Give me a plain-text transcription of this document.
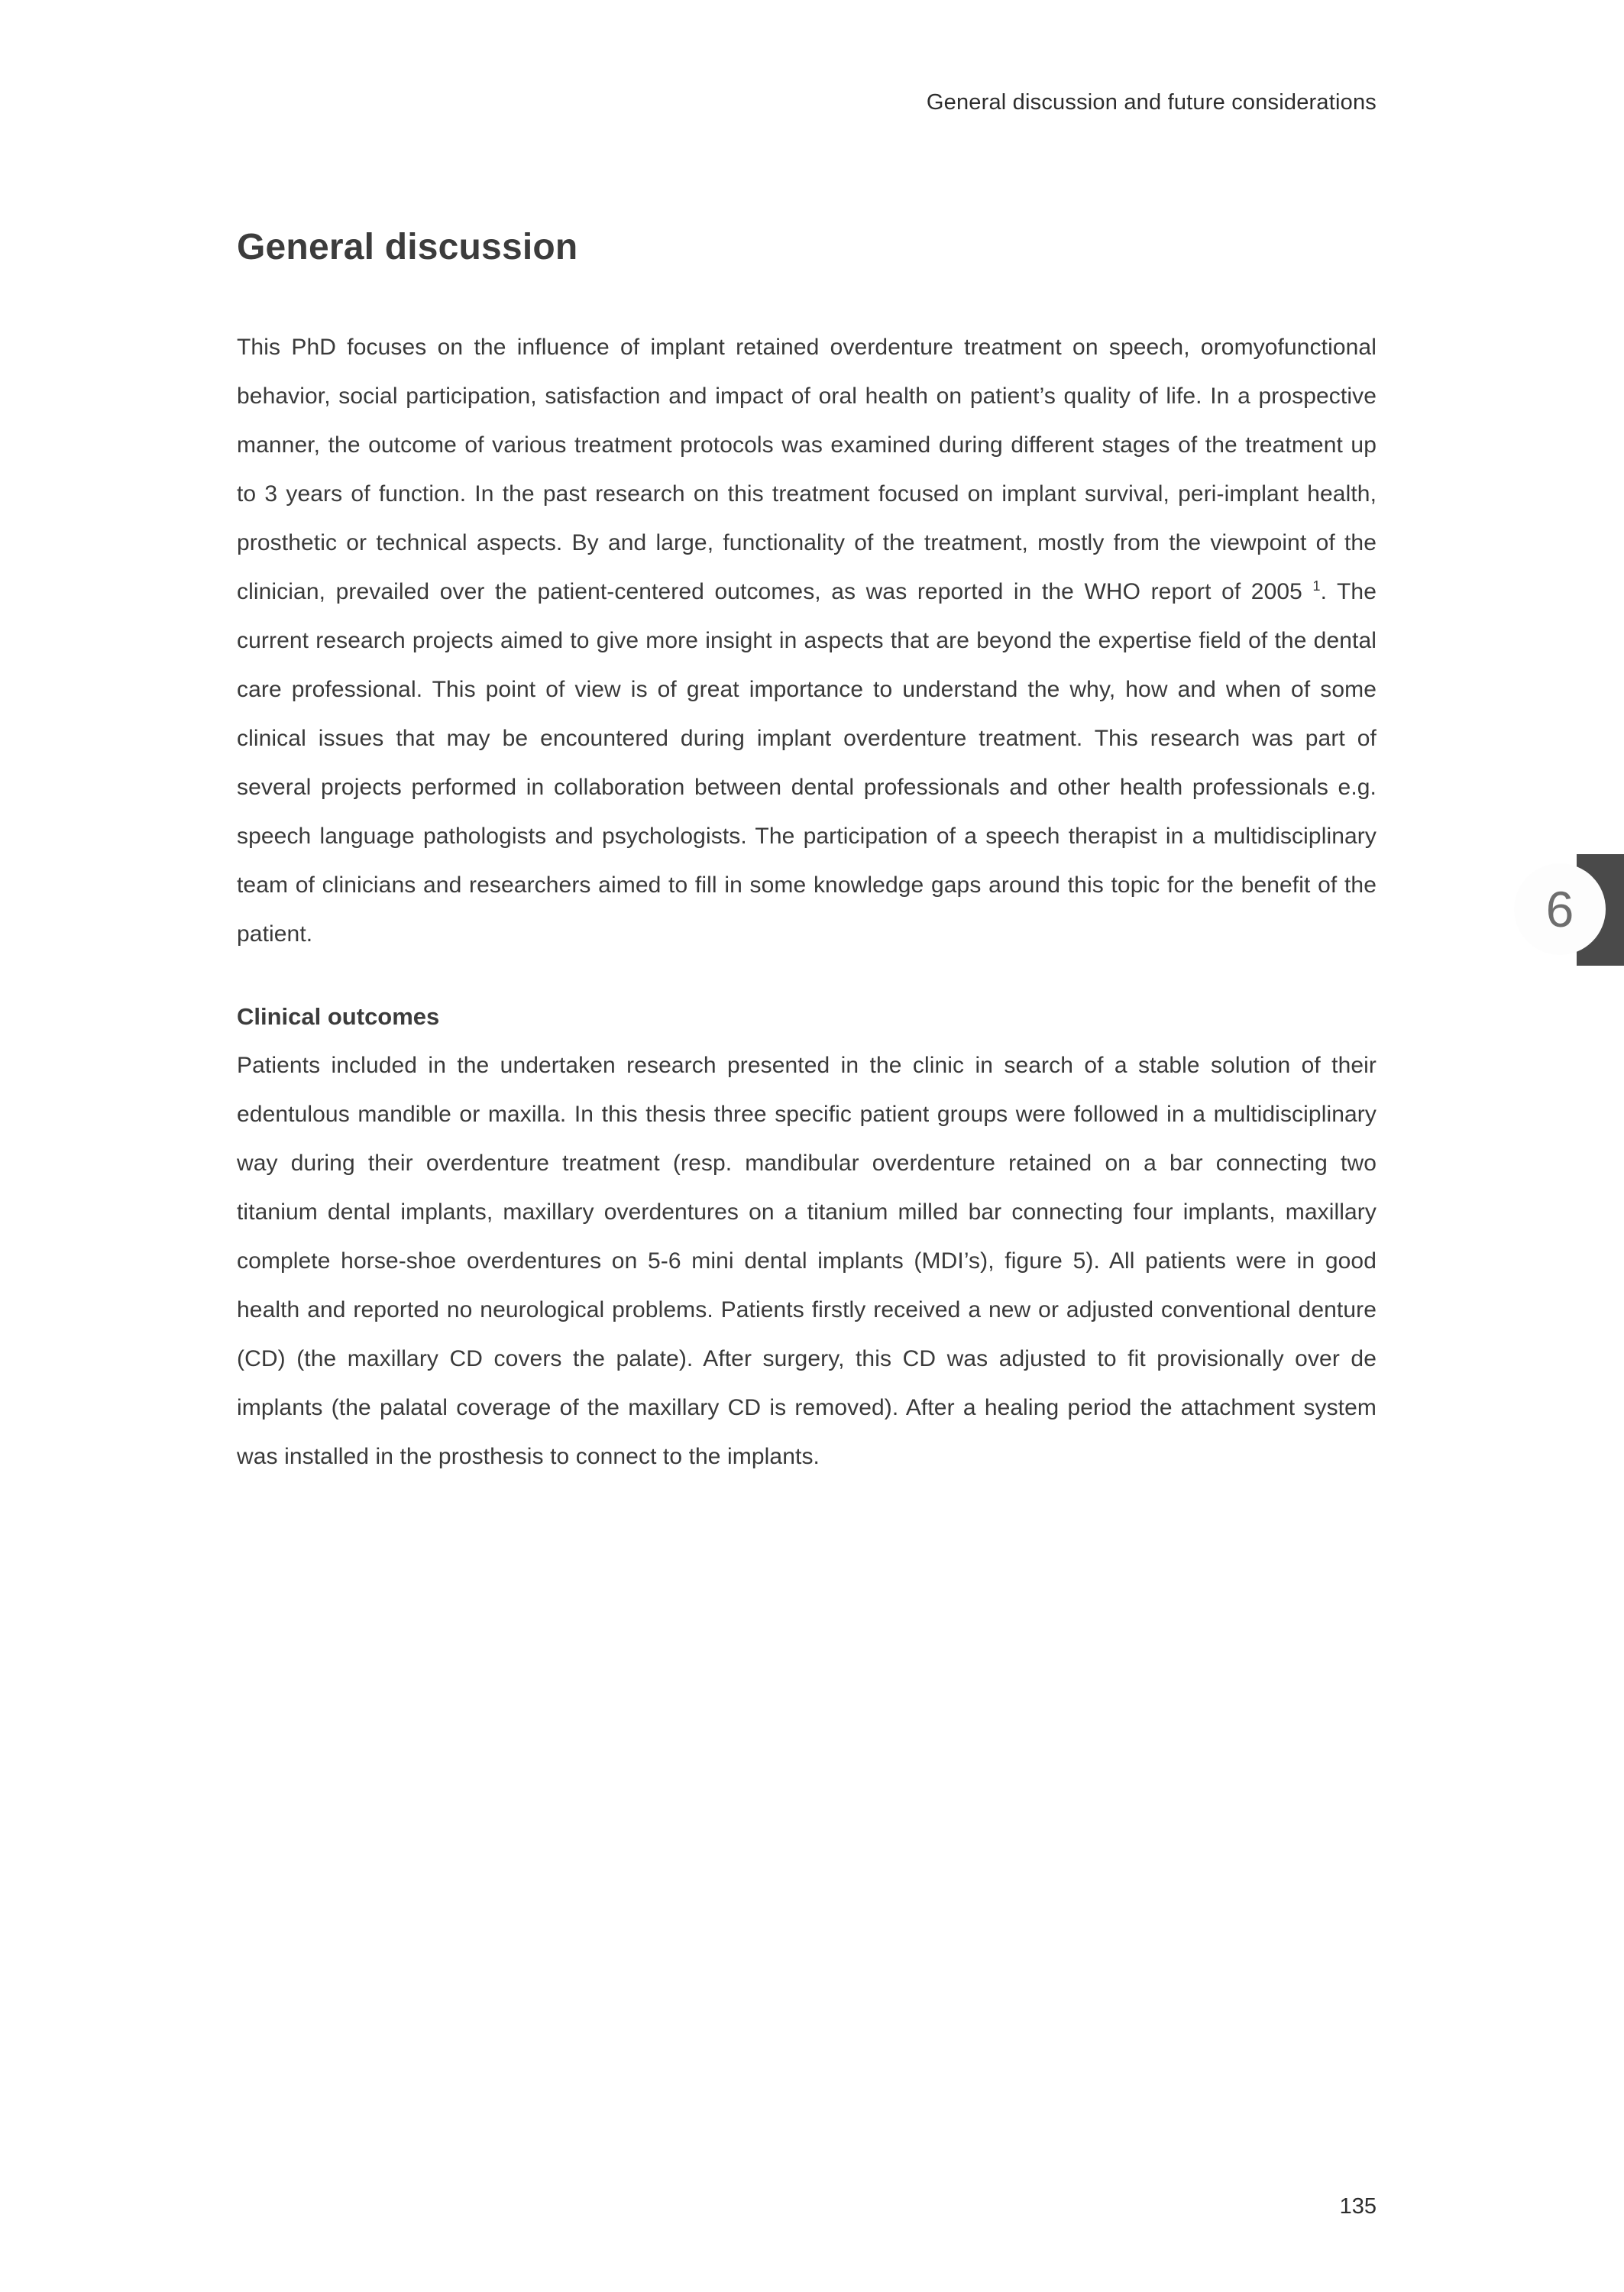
General discussion and future considerations
General discussion

This PhD focuses on the influence of implant retained overdenture treatment on speech, oromyofunctional behavior, social participation, satisfaction and impact of oral health on patient’s quality of life. In a prospective manner, the outcome of various treatment protocols was examined during different stages of the treatment up to 3 years of function. In the past research on this treatment focused on implant survival, peri-implant health, prosthetic or technical aspects. By and large, functionality of the treatment, mostly from the viewpoint of the clinician, prevailed over the patient-centered outcomes, as was reported in the WHO report of 2005 $^1$. The current research projects aimed to give more insight in aspects that are beyond the expertise field of the dental care professional. This point of view is of great importance to understand the why, how and when of some clinical issues that may be encountered during implant overdenture treatment. This research was part of several projects performed in collaboration between dental professionals and other health professionals e.g. speech language pathologists and psychologists. The participation of a speech therapist in a multidisciplinary team of clinicians and researchers aimed to fill in some knowledge gaps around this topic for the benefit of the patient.

Clinical outcomes

Patients included in the undertaken research presented in the clinic in search of a stable solution of their edentulous mandible or maxilla. In this thesis three specific patient groups were followed in a multidisciplinary way during their overdenture treatment (resp. mandibular overdenture retained on a bar connecting two titanium dental implants, maxillary overdentures on a titanium milled bar connecting four implants, maxillary complete horse-shoe overdentures on 5-6 mini dental implants (MDI’s), figure 5). All patients were in good health and reported no neurological problems. Patients firstly received a new or adjusted conventional denture (CD) (the maxillary CD covers the palate). After surgery, this CD was adjusted to fit provisionally over de implants (the palatal coverage of the maxillary CD is removed). After a healing period the attachment system was installed in the prosthesis to connect to the implants.

6
135
